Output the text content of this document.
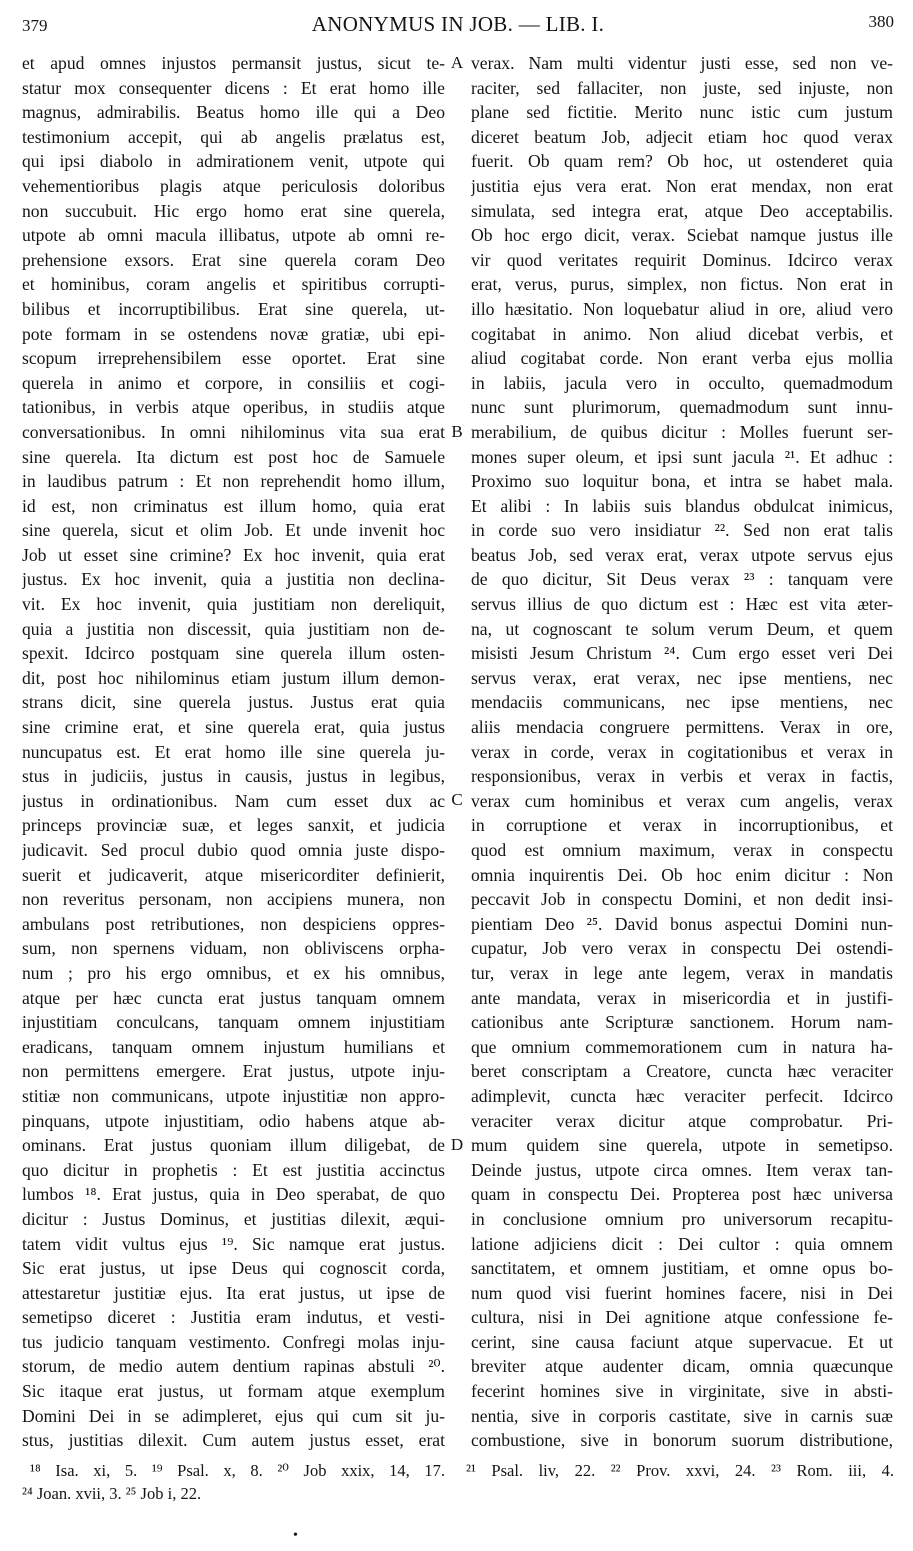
379	ANONYMUS IN JOB. — LIB. I.	380
et apud omnes injustos permansit justus, sicut te-
statur mox consequenter dicens : Et erat homo ille
magnus, admirabilis. Beatus homo ille qui a Deo
testimonium accepit, qui ab angelis prælatus est,
qui ipsi diabolo in admirationem venit, utpote qui
vehementioribus plagis atque periculosis doloribus
non succubuit. Hic ergo homo erat sine querela,
utpote ab omni macula illibatus, utpote ab omni re-
prehensione exsors. Erat sine querela coram Deo
et hominibus, coram angelis et spiritibus corrupti-
bilibus et incorruptibilibus. Erat sine querela, ut-
pote formam in se ostendens novæ gratiæ, ubi epi-
scopum irreprehensibilem esse oportet. Erat sine
querela in animo et corpore, in consiliis et cogi-
tationibus, in verbis atque operibus, in studiis atque
conversationibus. In omni nihilominus vita sua erat
sine querela. Ita dictum est post hoc de Samuele
in laudibus patrum : Et non reprehendit homo illum,
id est, non criminatus est illum homo, quia erat
sine querela, sicut et olim Job. Et unde invenit hoc
Job ut esset sine crimine? Ex hoc invenit, quia erat
justus. Ex hoc invenit, quia a justitia non declina-
vit. Ex hoc invenit, quia justitiam non dereliquit,
quia a justitia non discessit, quia justitiam non de-
spexit. Idcirco postquam sine querela illum osten-
dit, post hoc nihilominus etiam justum illum demon-
strans dicit, sine querela justus. Justus erat quia
sine crimine erat, et sine querela erat, quia justus
nuncupatus est. Et erat homo ille sine querela ju-
stus in judiciis, justus in causis, justus in legibus,
justus in ordinationibus. Nam cum esset dux ac
princeps provinciæ suæ, et leges sanxit, et judicia
judicavit. Sed procul dubio quod omnia juste dispo-
suerit et judicaverit, atque misericorditer definierit,
non reveritus personam, non accipiens munera, non
ambulans post retributiones, non despiciens oppres-
sum, non spernens viduam, non obliviscens orpha-
num ; pro his ergo omnibus, et ex his omnibus,
atque per hæc cuncta erat justus tanquam omnem
injustitiam conculcans, tanquam omnem injustitiam
eradicans, tanquam omnem injustum humilians et
non permittens emergere. Erat justus, utpote inju-
stitiæ non communicans, utpote injustitiæ non appro-
pinquans, utpote injustitiam, odio habens atque ab-
ominans. Erat justus quoniam illum diligebat, de
quo dicitur in prophetis : Et est justitia accinctus
lumbos ¹⁸. Erat justus, quia in Deo sperabat, de quo
dicitur : Justus Dominus, et justitias dilexit, æqui-
tatem vidit vultus ejus ¹⁹. Sic namque erat justus.
Sic erat justus, ut ipse Deus qui cognoscit corda,
attestaretur justitiæ ejus. Ita erat justus, ut ipse de
semetipso diceret : Justitia eram indutus, et vesti-
tus judicio tanquam vestimento. Confregi molas inju-
storum, de medio autem dentium rapinas abstuli ²⁰.
Sic itaque erat justus, ut formam atque exemplum
Domini Dei in se adimpleret, ejus qui cum sit ju-
stus, justitias dilexit. Cum autem justus esset, erat
verax. Nam multi videntur justi esse, sed non ve-
raciter, sed fallaciter, non juste, sed injuste, non
plane sed fictitie. Merito nunc istic cum justum
diceret beatum Job, adjecit etiam hoc quod verax
fuerit. Ob quam rem? Ob hoc, ut ostenderet quia
justitia ejus vera erat. Non erat mendax, non erat
simulata, sed integra erat, atque Deo acceptabilis.
Ob hoc ergo dicit, verax. Sciebat namque justus ille
vir quod veritates requirit Dominus. Idcirco verax
erat, verus, purus, simplex, non fictus. Non erat in
illo hæsitatio. Non loquebatur aliud in ore, aliud vero
cogitabat in animo. Non aliud dicebat verbis, et
aliud cogitabat corde. Non erant verba ejus mollia
in labiis, jacula vero in occulto, quemadmodum
nunc sunt plurimorum, quemadmodum sunt innu-
merabilium, de quibus dicitur : Molles fuerunt ser-
mones super oleum, et ipsi sunt jacula ²¹. Et adhuc :
Proximo suo loquitur bona, et intra se habet mala.
Et alibi : In labiis suis blandus obdulcat inimicus,
in corde suo vero insidiatur ²². Sed non erat talis
beatus Job, sed verax erat, verax utpote servus ejus
de quo dicitur, Sit Deus verax ²³ : tanquam vere
servus illius de quo dictum est : Hæc est vita æter-
na, ut cognoscant te solum verum Deum, et quem
misisti Jesum Christum ²⁴. Cum ergo esset veri Dei
servus verax, erat verax, nec ipse mentiens, nec
mendaciis communicans, nec ipse mentiens, nec
aliis mendacia congruere permittens. Verax in ore,
verax in corde, verax in cogitationibus et verax in
responsionibus, verax in verbis et verax in factis,
verax cum hominibus et verax cum angelis, verax
in corruptione et verax in incorruptionibus, et
quod est omnium maximum, verax in conspectu
omnia inquirentis Dei. Ob hoc enim dicitur : Non
peccavit Job in conspectu Domini, et non dedit insi-
pientiam Deo ²⁵. David bonus aspectui Domini nun-
cupatur, Job vero verax in conspectu Dei ostendi-
tur, verax in lege ante legem, verax in mandatis
ante mandata, verax in misericordia et in justifi-
cationibus ante Scripturæ sanctionem. Horum nam-
que omnium commemorationem cum in natura ha-
beret conscriptam a Creatore, cuncta hæc veraciter
adimplevit, cuncta hæc veraciter perfecit. Idcirco
veraciter verax dicitur atque comprobatur. Pri-
mum quidem sine querela, utpote in semetipso.
Deinde justus, utpote circa omnes. Item verax tan-
quam in conspectu Dei. Propterea post hæc universa
in conclusione omnium pro universorum recapitu-
latione adjiciens dicit : Dei cultor : quia omnem
sanctitatem, et omnem justitiam, et omne opus bo-
num quod visi fuerint homines facere, nisi in Dei
cultura, nisi in Dei agnitione atque confessione fe-
cerint, sine causa faciunt atque supervacue. Et ut
breviter atque audenter dicam, omnia quæcunque
fecerint homines sive in virginitate, sive in absti-
nentia, sive in corporis castitate, sive in carnis suæ
combustione, sive in bonorum suorum distributione,
A
B
C
D
¹⁸ Isa. xi, 5. ¹⁹ Psal. x, 8. ²⁰ Job xxix, 14, 17.
²⁴ Joan. xvii, 3. ²⁵ Job i, 22.
²¹ Psal. liv, 22. ²² Prov. xxvi, 24. ²³ Rom. iii, 4.
•
